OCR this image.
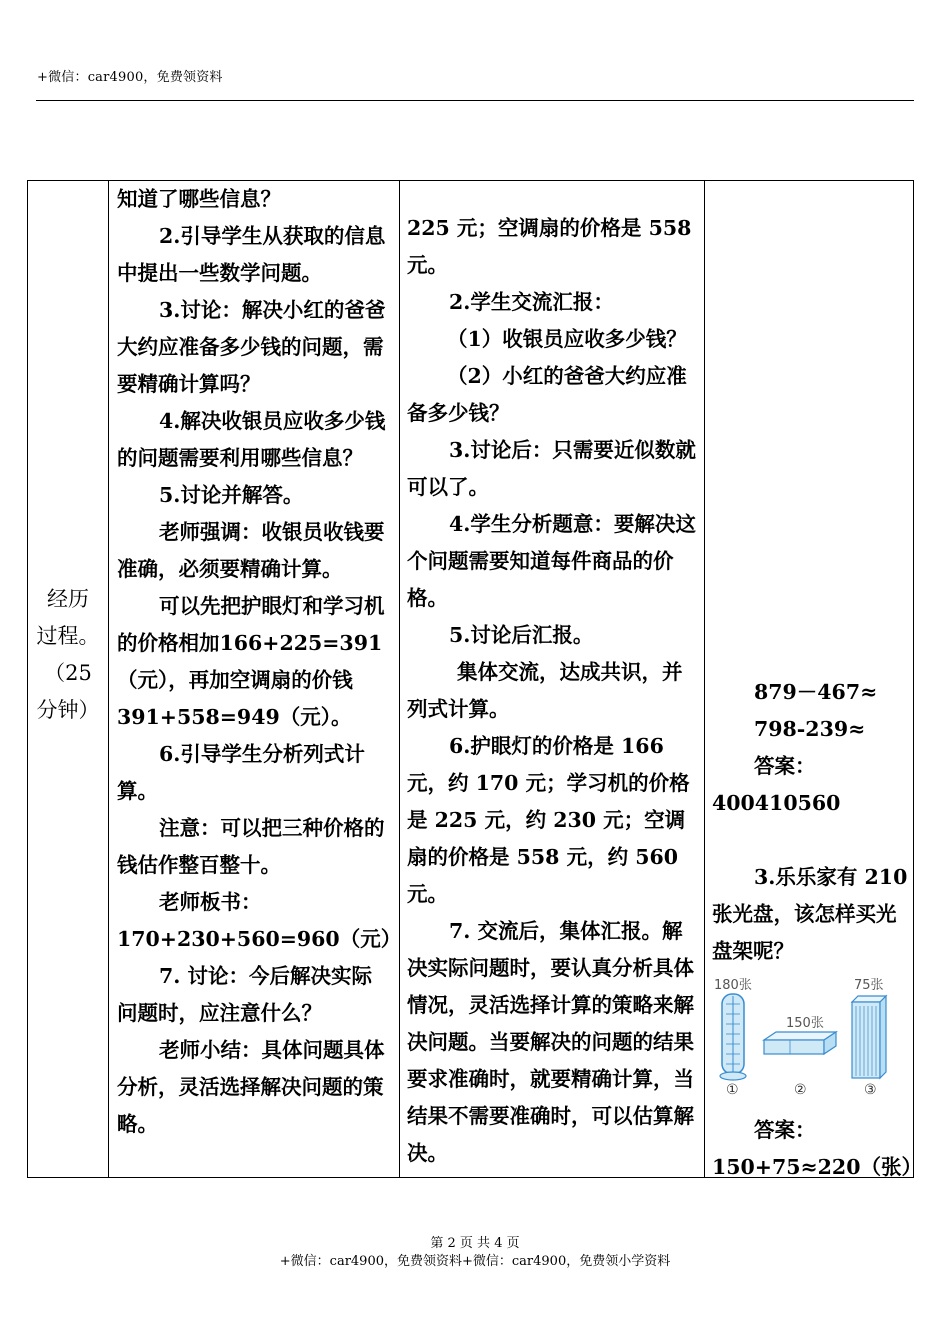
+微信：car4900，免费领资料
经历
过程。
（25
分钟）

知道了哪些信息？

2.引导学生从获取的信息中提出一些数学问题。

3.讨论：解决小红的爸爸大约应准备多少钱的问题，需要精确计算吗？

4.解决收银员应收多少钱的问题需要利用哪些信息？

5.讨论并解答。

老师强调：收银员收钱要准确，必须要精确计算。

可以先把护眼灯和学习机的价格相加166+225=391（元），再加空调扇的价钱391+558=949（元）。

6.引导学生分析列式计算。

注意：可以把三种价格的钱估作整百整十。

老师板书：

170+230+560=960（元）

7. 讨论：今后解决实际问题时，应注意什么？

老师小结：具体问题具体分析，灵活选择解决问题的策略。

225 元；空调扇的价格是 558 元。

2.学生交流汇报：

（1）收银员应收多少钱？

（2）小红的爸爸大约应准备多少钱？

3.讨论后：只需要近似数就可以了。

4.学生分析题意：要解决这个问题需要知道每件商品的价格。

5.讨论后汇报。

集体交流，达成共识，并列式计算。

6.护眼灯的价格是 166 元，约 170 元；学习机的价格是 225 元，约 230 元；空调扇的价格是 558 元，约 560 元。

7. 交流后，集体汇报。解决实际问题时，要认真分析具体情况，灵活选择计算的策略来解决问题。当要解决的问题的结果要求准确时，就要精确计算，当结果不需要准确时，可以估算解决。

879－467≈

798-239≈

答案：

400410560

3.乐乐家有 210 张光盘，该怎样买光盘架呢？

180张
150张
75张
①	②	③

答案：

150+75≈220（张）

第 2 页 共 4 页
+微信：car4900，免费领资料+微信：car4900，免费领小学资料
